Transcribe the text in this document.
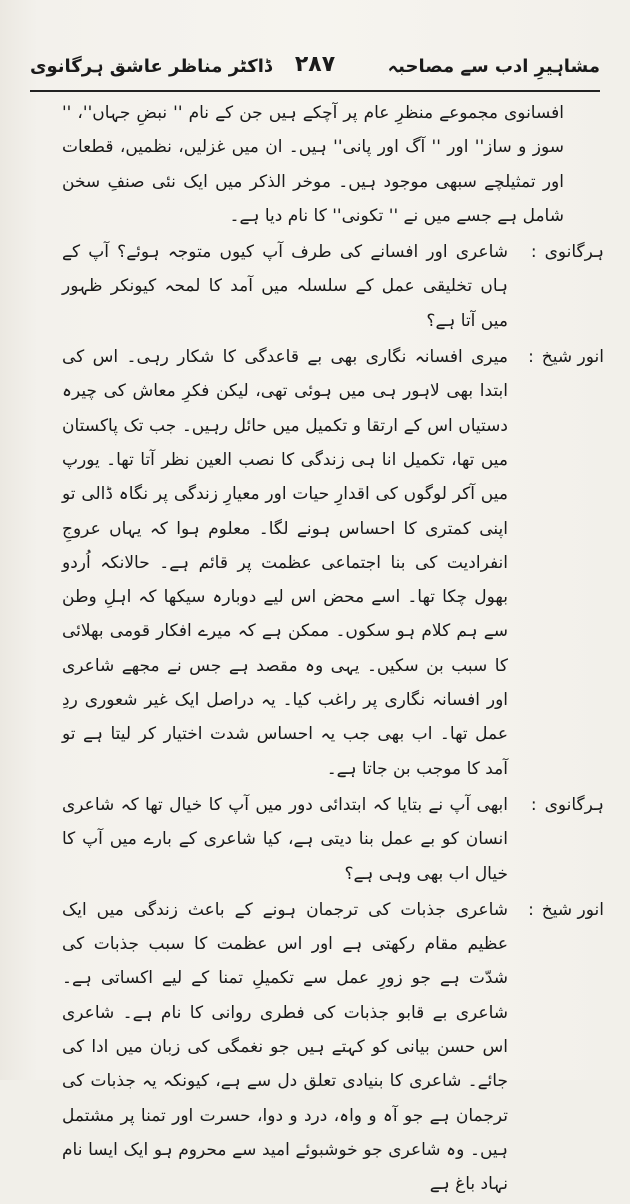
مشاہیرِ ادب سے مصاحبہ
۲۸۷
ڈاکٹر مناظر عاشق ہرگانوی

افسانوی مجموعے منظرِ عام پر آچکے ہیں جن کے نام '' نبضِ جہاں''، '' سوز و ساز'' اور '' آگ اور پانی'' ہیں۔ ان میں غزلیں، نظمیں، قطعات اور تمثیلچے سبھی موجود ہیں۔ موخر الذکر میں ایک نئی صنفِ سخن شامل ہے جسے میں نے '' تکونی'' کا نام دیا ہے۔

ہرگانوی:

شاعری اور افسانے کی طرف آپ کیوں متوجہ ہوئے؟ آپ کے ہاں تخلیقی عمل کے سلسلہ میں آمد کا لمحہ کیونکر ظہور میں آتا ہے؟

انور شیخ:

میری افسانہ نگاری بھی بے قاعدگی کا شکار رہی۔ اس کی ابتدا بھی لاہور ہی میں ہوئی تھی، لیکن فکرِ معاش کی چیرہ دستیاں اس کے ارتقا و تکمیل میں حائل رہیں۔ جب تک پاکستان میں تھا، تکمیل انا ہی زندگی کا نصب العین نظر آتا تھا۔ یورپ میں آکر لوگوں کی اقدارِ حیات اور معیارِ زندگی پر نگاہ ڈالی تو اپنی کمتری کا احساس ہونے لگا۔ معلوم ہوا کہ یہاں عروجِ انفرادیت کی بنا اجتماعی عظمت پر قائم ہے۔ حالانکہ اُردو بھول چکا تھا۔ اسے محض اس لیے دوبارہ سیکھا کہ اہلِ وطن سے ہم کلام ہو سکوں۔ ممکن ہے کہ میرے افکار قومی بھلائی کا سبب بن سکیں۔ یہی وہ مقصد ہے جس نے مجھے شاعری اور افسانہ نگاری پر راغب کیا۔ یہ دراصل ایک غیر شعوری ردِ عمل تھا۔ اب بھی جب یہ احساس شدت اختیار کر لیتا ہے تو آمد کا موجب بن جاتا ہے۔

ہرگانوی:

ابھی آپ نے بتایا کہ ابتدائی دور میں آپ کا خیال تھا کہ شاعری انسان کو بے عمل بنا دیتی ہے، کیا شاعری کے بارے میں آپ کا خیال اب بھی وہی ہے؟

انور شیخ:

شاعری جذبات کی ترجمان ہونے کے باعث زندگی میں ایک عظیم مقام رکھتی ہے اور اس عظمت کا سبب جذبات کی شدّت ہے جو زورِ عمل سے تکمیلِ تمنا کے لیے اکساتی ہے۔ شاعری بے قابو جذبات کی فطری روانی کا نام ہے۔ شاعری اس حسن بیانی کو کہتے ہیں جو نغمگی کی زبان میں ادا کی جائے۔ شاعری کا بنیادی تعلق دل سے ہے، کیونکہ یہ جذبات کی ترجمان ہے جو آہ و واہ، درد و دوا، حسرت اور تمنا پر مشتمل ہیں۔ وہ شاعری جو خوشبوئے امید سے محروم ہو ایک ایسا نام نہاد باغ ہے
